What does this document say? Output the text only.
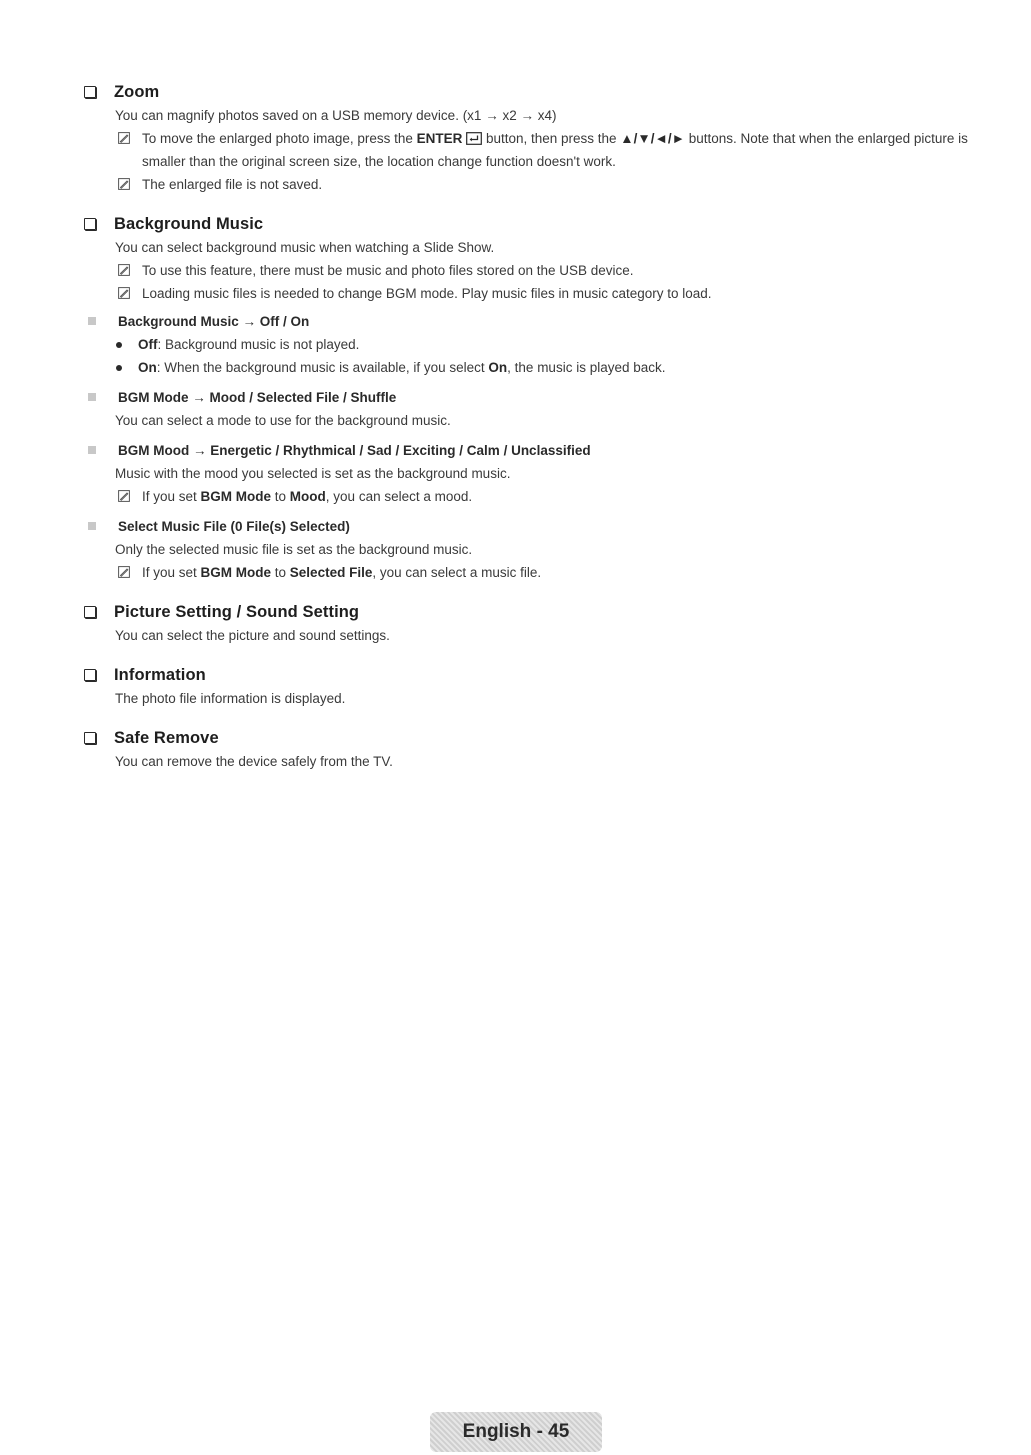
Zoom
You can magnify photos saved on a USB memory device. (x1 → x2 → x4)
To move the enlarged photo image, press the ENTER  button, then press the ▲/▼/◄/► buttons. Note that when the enlarged picture is smaller than the original screen size, the location change function doesn't work.
The enlarged file is not saved.
Background Music
You can select background music when watching a Slide Show.
To use this feature, there must be music and photo files stored on the USB device.
Loading music files is needed to change BGM mode. Play music files in music category to load.
Background Music → Off / On
Off: Background music is not played.
On: When the background music is available, if you select On, the music is played back.
BGM Mode → Mood / Selected File / Shuffle
You can select a mode to use for the background music.
BGM Mood → Energetic / Rhythmical / Sad / Exciting / Calm / Unclassified
Music with the mood you selected is set as the background music.
If you set BGM Mode to Mood, you can select a mood.
Select Music File (0 File(s) Selected)
Only the selected music file is set as the background music.
If you set BGM Mode to Selected File, you can select a music file.
Picture Setting / Sound Setting
You can select the picture and sound settings.
Information
The photo file information is displayed.
Safe Remove
You can remove the device safely from the TV.
English - 45
